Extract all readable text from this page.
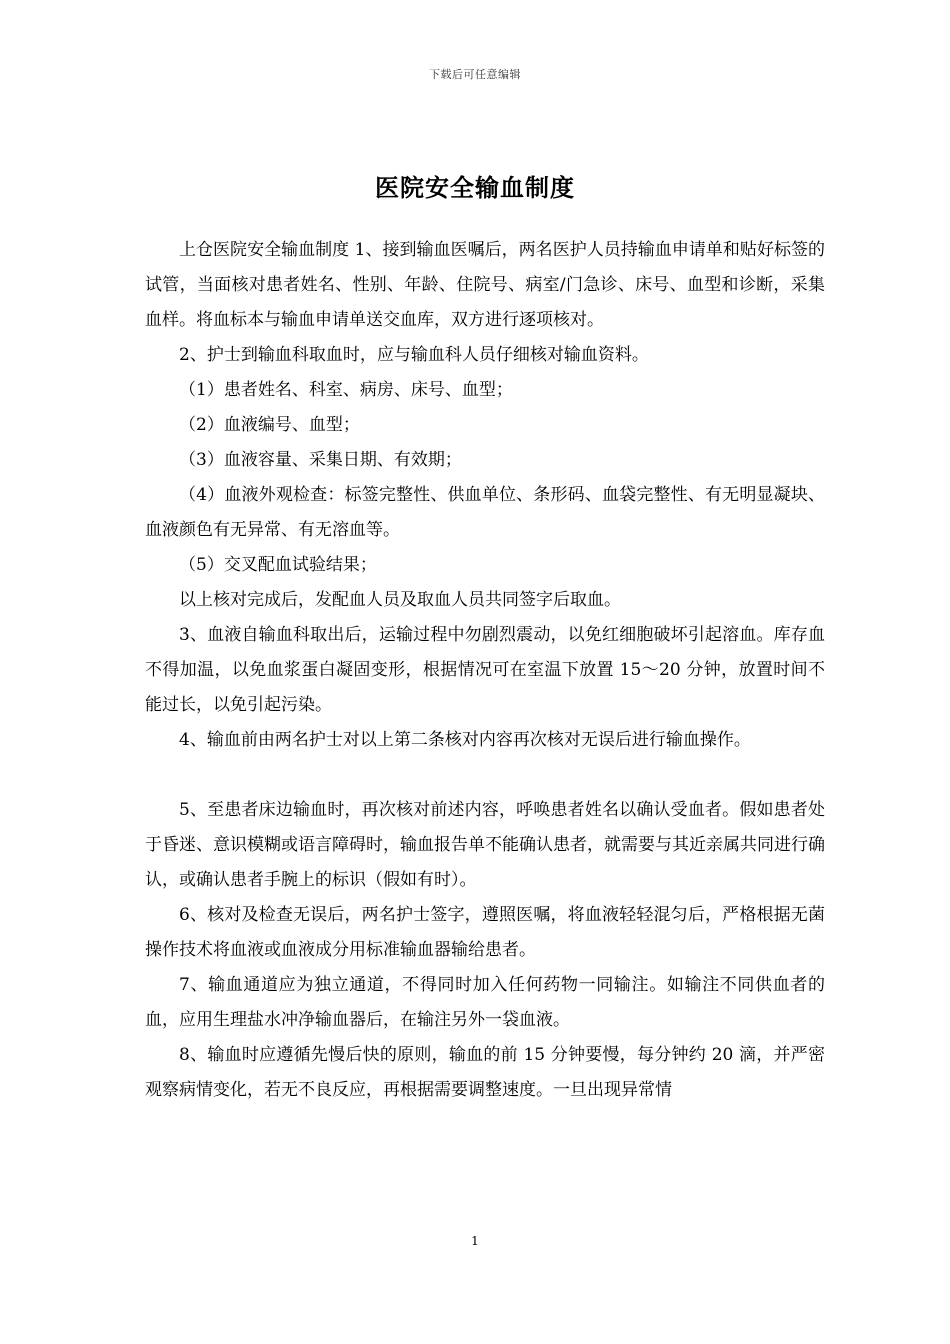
下载后可任意编辑
医院安全输血制度

上仓医院安全输血制度 1、接到输血医嘱后，两名医护人员持输血申请单和贴好标签的试管，当面核对患者姓名、性别、年龄、住院号、病室/门急诊、床号、血型和诊断，采集血样。将血标本与输血申请单送交血库，双方进行逐项核对。

2、护士到输血科取血时，应与输血科人员仔细核对输血资料。

（1）患者姓名、科室、病房、床号、血型；

（2）血液编号、血型；

（3）血液容量、采集日期、有效期；

（4）血液外观检查：标签完整性、供血单位、条形码、血袋完整性、有无明显凝块、血液颜色有无异常、有无溶血等。

（5）交叉配血试验结果；

以上核对完成后，发配血人员及取血人员共同签字后取血。

3、血液自输血科取出后，运输过程中勿剧烈震动，以免红细胞破坏引起溶血。库存血不得加温，以免血浆蛋白凝固变形，根据情况可在室温下放置 15～20 分钟，放置时间不能过长，以免引起污染。

4、输血前由两名护士对以上第二条核对内容再次核对无误后进行输血操作。

5、至患者床边输血时，再次核对前述内容，呼唤患者姓名以确认受血者。假如患者处于昏迷、意识模糊或语言障碍时，输血报告单不能确认患者，就需要与其近亲属共同进行确认，或确认患者手腕上的标识（假如有时）。

6、核对及检查无误后，两名护士签字，遵照医嘱，将血液轻轻混匀后，严格根据无菌操作技术将血液或血液成分用标准输血器输给患者。

7、输血通道应为独立通道，不得同时加入任何药物一同输注。如输注不同供血者的血，应用生理盐水冲净输血器后，在输注另外一袋血液。

8、输血时应遵循先慢后快的原则，输血的前 15 分钟要慢，每分钟约 20 滴，并严密观察病情变化，若无不良反应，再根据需要调整速度。一旦出现异常情

1
